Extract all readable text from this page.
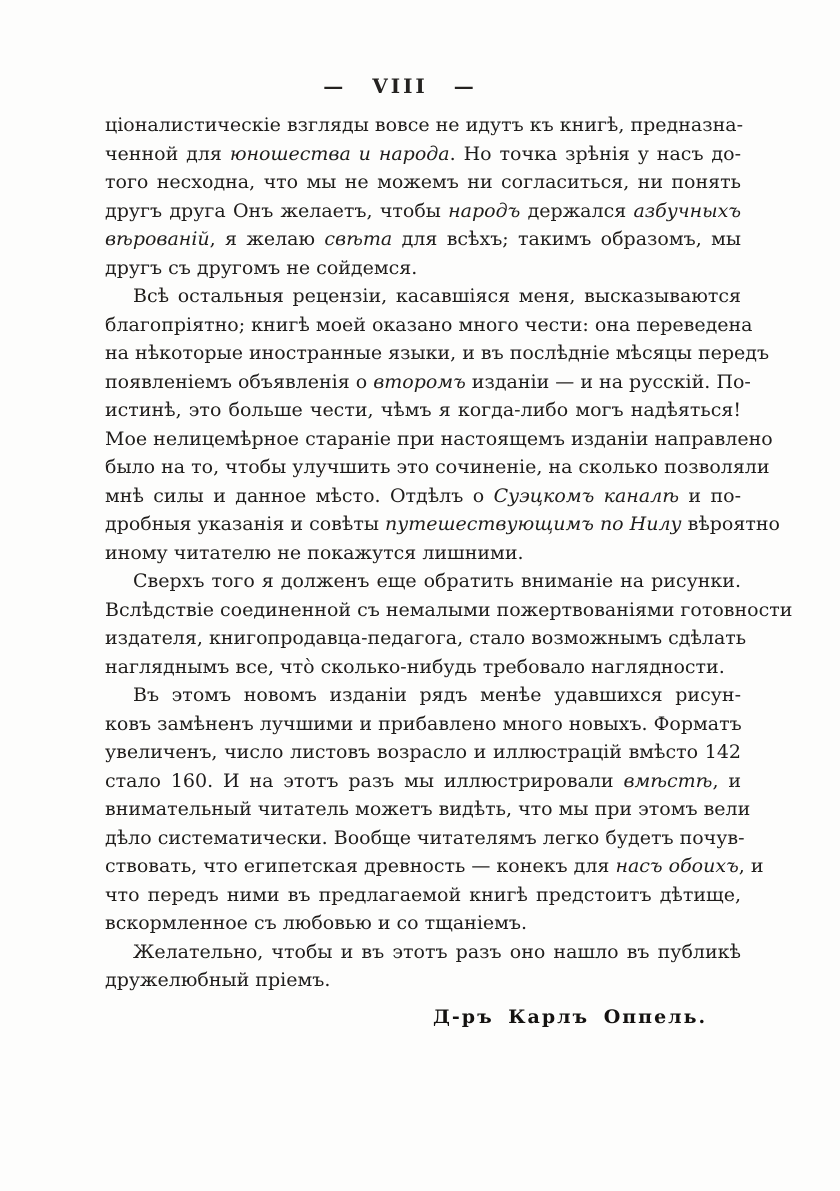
— VIII —
ціоналистическіе взгляды вовсе не идутъ къ книгѣ, предназна-
ченной для юношества и народа. Но точка зрѣнія у насъ до-
того несходна, что мы не можемъ ни согласиться, ни понять
другъ друга Онъ желаетъ, чтобы народъ держался азбучныхъ
вѣрованій, я желаю свѣта для всѣхъ; такимъ образомъ, мы
другъ съ другомъ не сойдемся.
Всѣ остальныя рецензіи, касавшіяся меня, высказываются
благопріятно; книгѣ моей оказано много чести: она переведена
на нѣкоторые иностранные языки, и въ послѣдніе мѣсяцы передъ
появленіемъ объявленія о второмъ изданіи — и на русскій. По-
истинѣ, это больше чести, чѣмъ я когда-либо могъ надѣяться!
Мое нелицемѣрное стараніе при настоящемъ изданіи направлено
было на то, чтобы улучшить это сочиненіе, на сколько позволяли
мнѣ силы и данное мѣсто. Отдѣлъ о Суэцкомъ каналѣ и по-
дробныя указанія и совѣты путешествующимъ по Нилу вѣроятно
иному читателю не покажутся лишними.
Сверхъ того я долженъ еще обратить вниманіе на рисунки.
Вслѣдствіе соединенной съ немалыми пожертвованіями готовности
издателя, книгопродавца-педагога, стало возможнымъ сдѣлать
нагляднымъ все, что̀ сколько-нибудь требовало наглядности.
Въ этомъ новомъ изданіи рядъ менѣе удавшихся рисун-
ковъ замѣненъ лучшими и прибавлено много новыхъ. Форматъ
увеличенъ, число листовъ возрасло и иллюстрацій вмѣсто 142
стало 160. И на этотъ разъ мы иллюстрировали вмѣстѣ, и
внимательный читатель можетъ видѣть, что мы при этомъ вели
дѣло систематически. Вообще читателямъ легко будетъ почув-
ствовать, что египетская древность — конекъ для насъ обоихъ, и
что передъ ними въ предлагаемой книгѣ предстоитъ дѣтище,
вскормленное съ любовью и со тщаніемъ.
Желательно, чтобы и въ этотъ разъ оно нашло въ публикѣ
дружелюбный пріемъ.
Д-ръ Карлъ Оппель.
